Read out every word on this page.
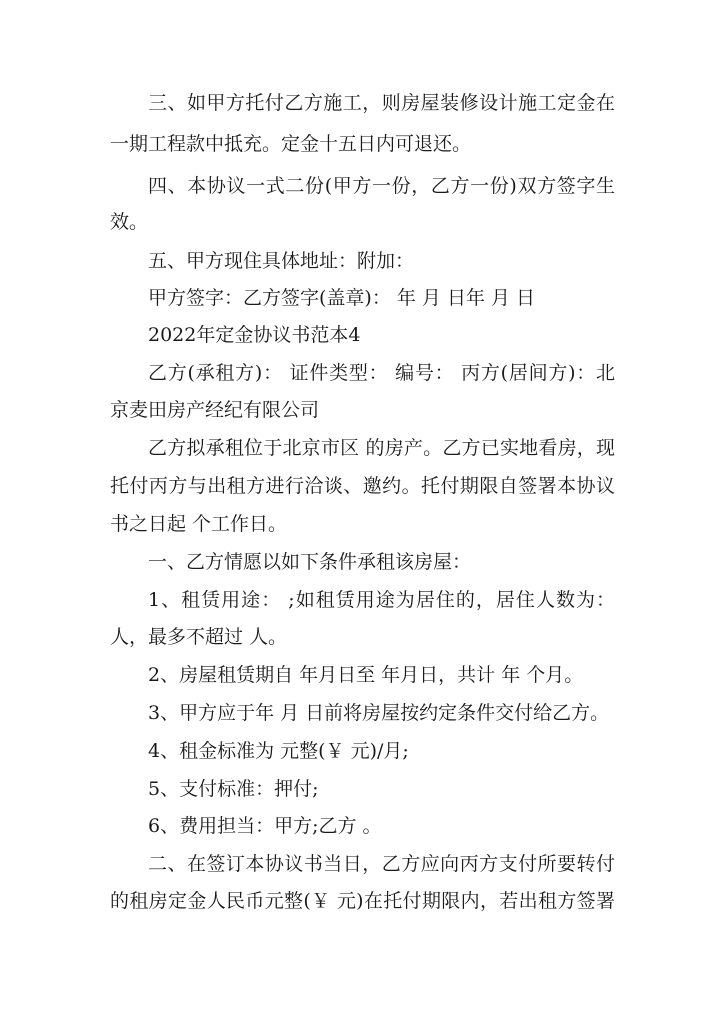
三、如甲方托付乙方施工，则房屋装修设计施工定金在
一期工程款中抵充。定金十五日内可退还。
四、本协议一式二份(甲方一份，乙方一份)双方签字生
效。
五、甲方现住具体地址：附加：
甲方签字：乙方签字(盖章)： 年 月 日年 月 日
2022年定金协议书范本4
乙方(承租方)： 证件类型： 编号： 丙方(居间方)：北
京麦田房产经纪有限公司
乙方拟承租位于北京市区 的房产。乙方已实地看房，现
托付丙方与出租方进行洽谈、邀约。托付期限自签署本协议
书之日起 个工作日。
一、乙方情愿以如下条件承租该房屋：
1、租赁用途： ;如租赁用途为居住的，居住人数为：
人，最多不超过 人。
2、房屋租赁期自 年月日至 年月日，共计 年 个月。
3、甲方应于年 月 日前将房屋按约定条件交付给乙方。
4、租金标准为 元整(￥ 元)/月;
5、支付标准：押付;
6、费用担当：甲方;乙方 。
二、在签订本协议书当日，乙方应向丙方支付所要转付
的租房定金人民币元整(￥ 元)在托付期限内，若出租方签署
